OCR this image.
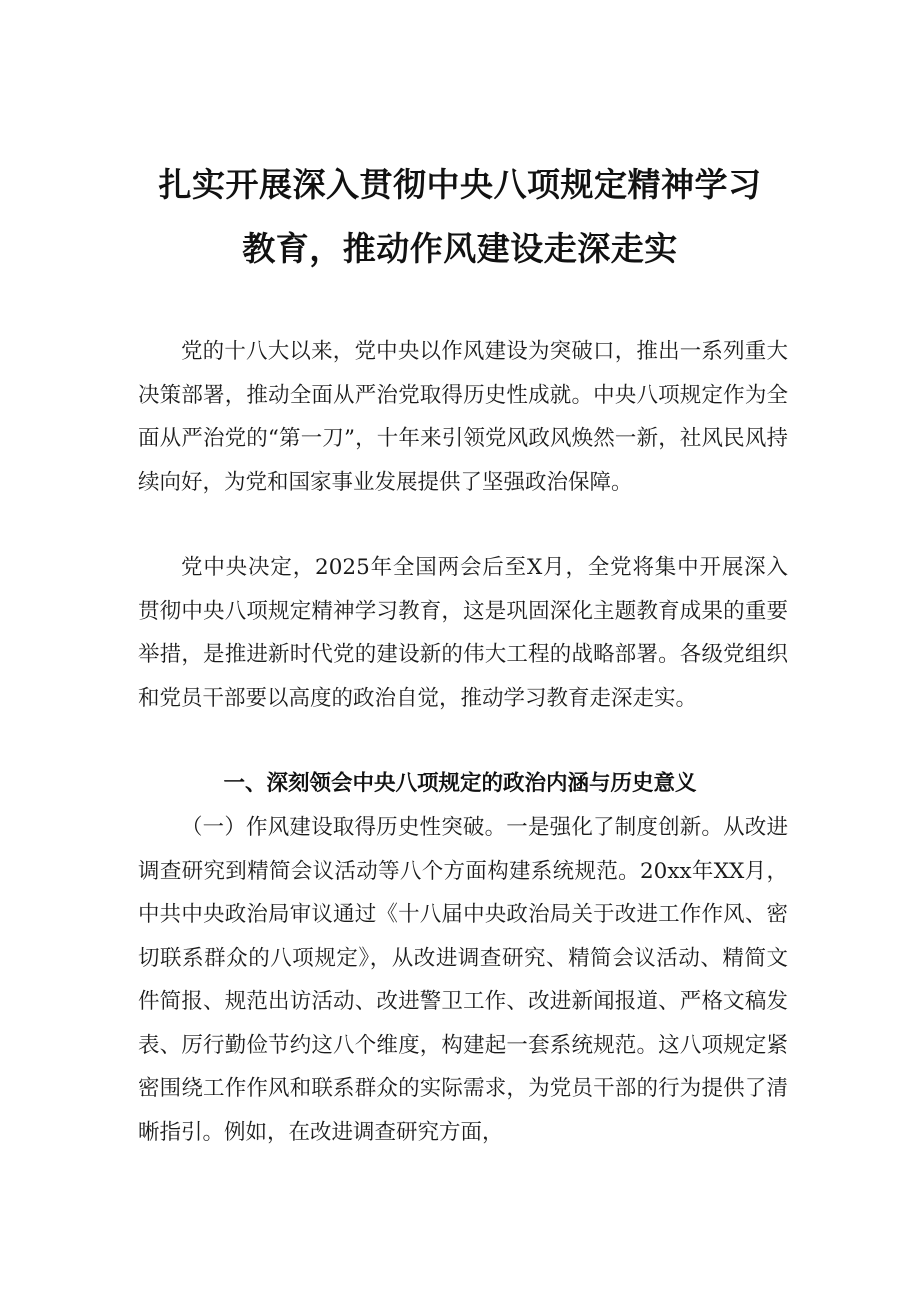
扎实开展深入贯彻中央八项规定精神学习
教育，推动作风建设走深走实

党的十八大以来，党中央以作风建设为突破口，推出一系列重大决策部署，推动全面从严治党取得历史性成就。中央八项规定作为全面从严治党的“第一刀”，十年来引领党风政风焕然一新，社风民风持续向好，为党和国家事业发展提供了坚强政治保障。

党中央决定，2025年全国两会后至X月，全党将集中开展深入贯彻中央八项规定精神学习教育，这是巩固深化主题教育成果的重要举措，是推进新时代党的建设新的伟大工程的战略部署。各级党组织和党员干部要以高度的政治自觉，推动学习教育走深走实。

一、深刻领会中央八项规定的政治内涵与历史意义

（一）作风建设取得历史性突破。一是强化了制度创新。从改进调查研究到精简会议活动等八个方面构建系统规范。20xx年XX月，中共中央政治局审议通过《十八届中央政治局关于改进工作作风、密切联系群众的八项规定》，从改进调查研究、精简会议活动、精简文件简报、规范出访活动、改进警卫工作、改进新闻报道、严格文稿发表、厉行勤俭节约这八个维度，构建起一套系统规范。这八项规定紧密围绕工作作风和联系群众的实际需求，为党员干部的行为提供了清晰指引。例如，在改进调查研究方面，
